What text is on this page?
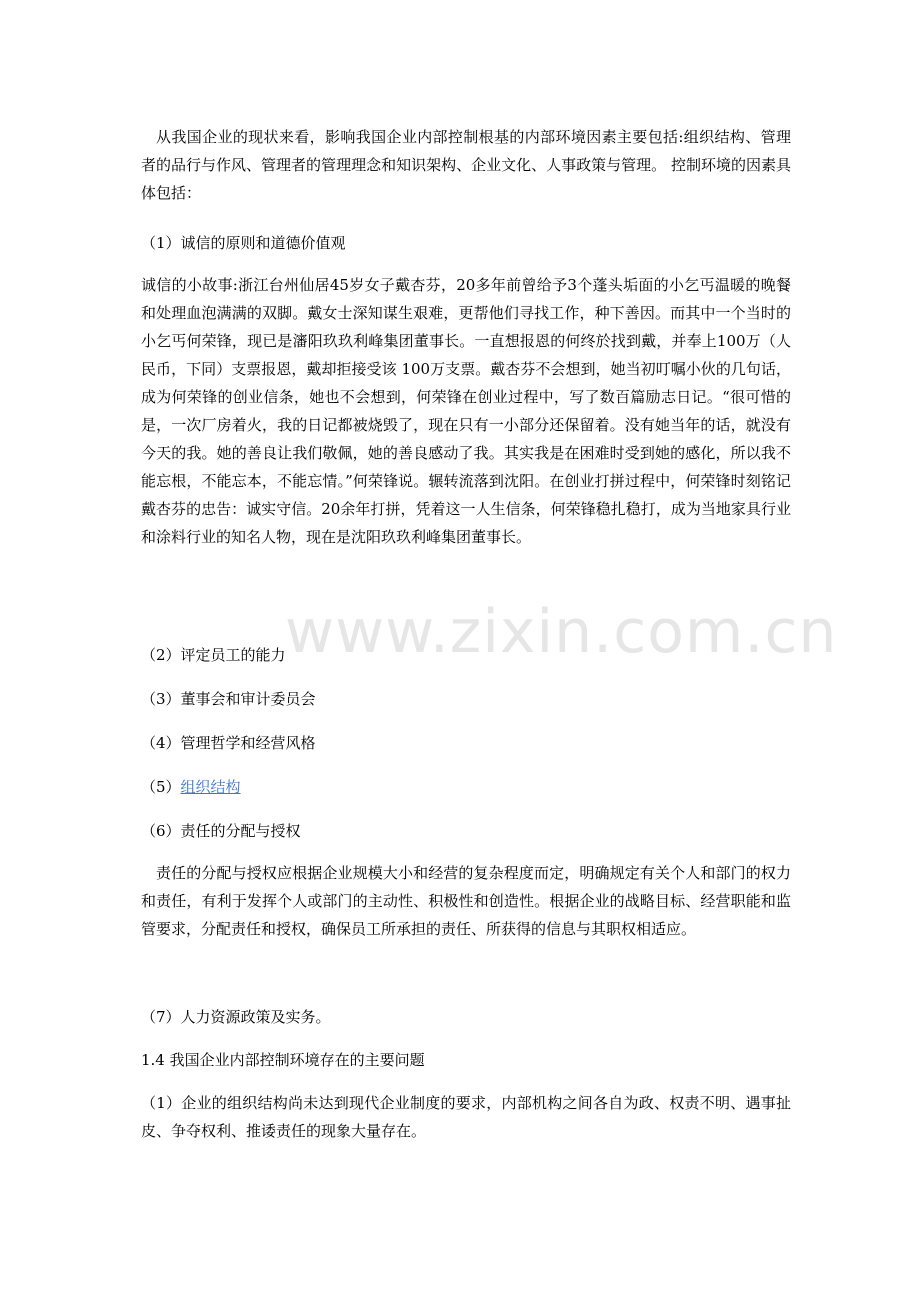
从我国企业的现状来看，影响我国企业内部控制根基的内部环境因素主要包括:组织结构、管理者的品行与作风、管理者的管理理念和知识架构、企业文化、人事政策与管理。 控制环境的因素具体包括：

（1）诚信的原则和道德价值观

诚信的小故事:浙江台州仙居45岁女子戴杏芬，20多年前曾给予3个蓬头垢面的小乞丐温暖的晚餐和处理血泡满满的双脚。戴女士深知谋生艰难，更帮他们寻找工作，种下善因。而其中一个当时的小乞丐何荣锋，现已是瀋阳玖玖利峰集团董事长。一直想报恩的何终於找到戴，并奉上100万（人民币，下同）支票报恩，戴却拒接受该 100万支票。戴杏芬不会想到，她当初叮嘱小伙的几句话，成为何荣锋的创业信条，她也不会想到，何荣锋在创业过程中，写了数百篇励志日记。“很可惜的是，一次厂房着火，我的日记都被烧毁了，现在只有一小部分还保留着。没有她当年的话，就没有今天的我。她的善良让我们敬佩，她的善良感动了我。其实我是在困难时受到她的感化，所以我不能忘根，不能忘本，不能忘情。”何荣锋说。辗转流落到沈阳。在创业打拼过程中，何荣锋时刻铭记戴杏芬的忠告：诚实守信。20余年打拼，凭着这一人生信条，何荣锋稳扎稳打，成为当地家具行业和涂料行业的知名人物，现在是沈阳玖玖利峰集团董事长。

www.zixin.com.cn

（2）评定员工的能力

（3）董事会和审计委员会

（4）管理哲学和经营风格

（5）组织结构

（6）责任的分配与授权

责任的分配与授权应根据企业规模大小和经营的复杂程度而定，明确规定有关个人和部门的权力和责任，有利于发挥个人或部门的主动性、积极性和创造性。根据企业的战略目标、经营职能和监管要求，分配责任和授权，确保员工所承担的责任、所获得的信息与其职权相适应。

（7）人力资源政策及实务。

1.4 我国企业内部控制环境存在的主要问题

（1）企业的组织结构尚未达到现代企业制度的要求，内部机构之间各自为政、权责不明、遇事扯皮、争夺权利、推诿责任的现象大量存在。
